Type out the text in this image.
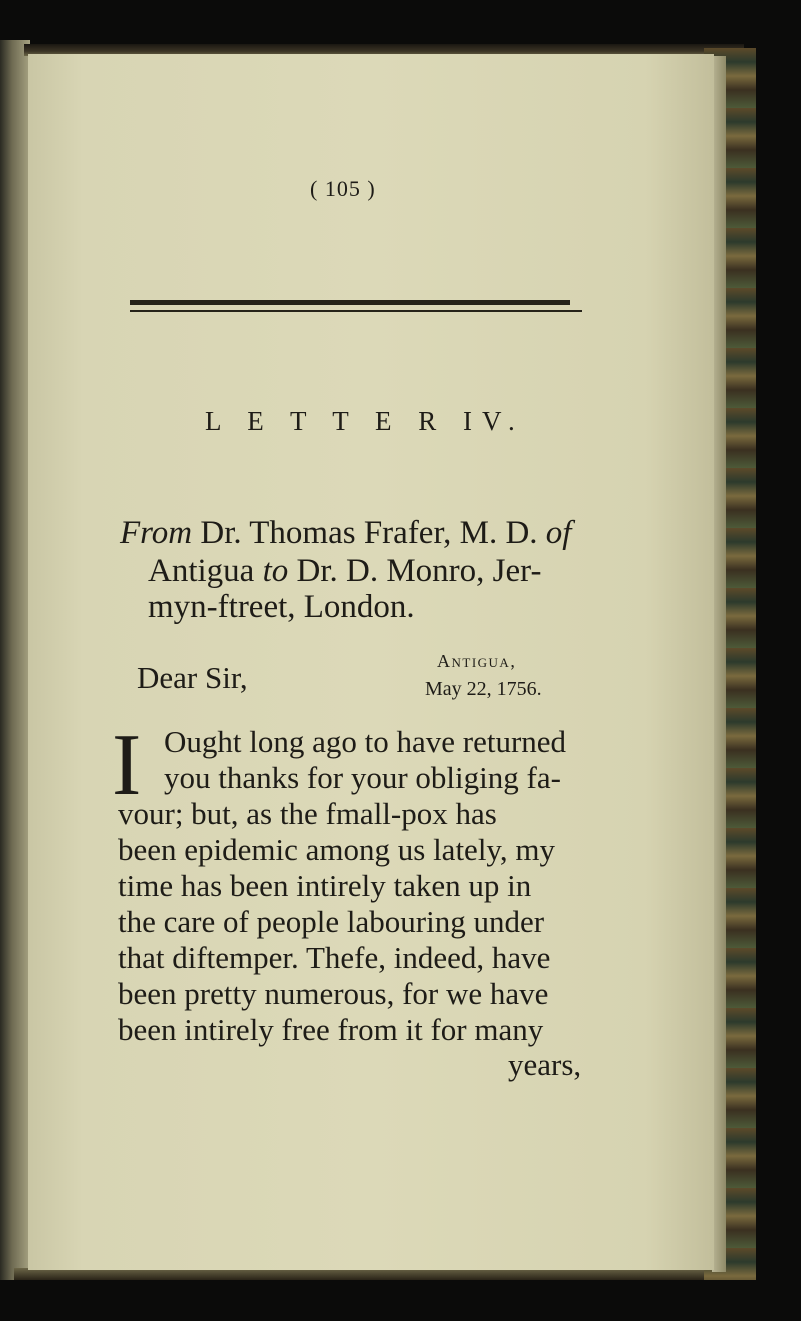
( 105 )
L E T T E R IV.
From Dr. Thomas Frafer, M. D. of
Antigua to Dr. D. Monro, Jer-
myn-ftreet, London.
Dear Sir,	Antigua,
May 22, 1756.
I Ought long ago to have returned
you thanks for your obliging fa-
vour; but, as the fmall-pox has
been epidemic among us lately, my
time has been intirely taken up in
the care of people labouring under
that diftemper. Thefe, indeed, have
been pretty numerous, for we have
been intirely free from it for many
years,
